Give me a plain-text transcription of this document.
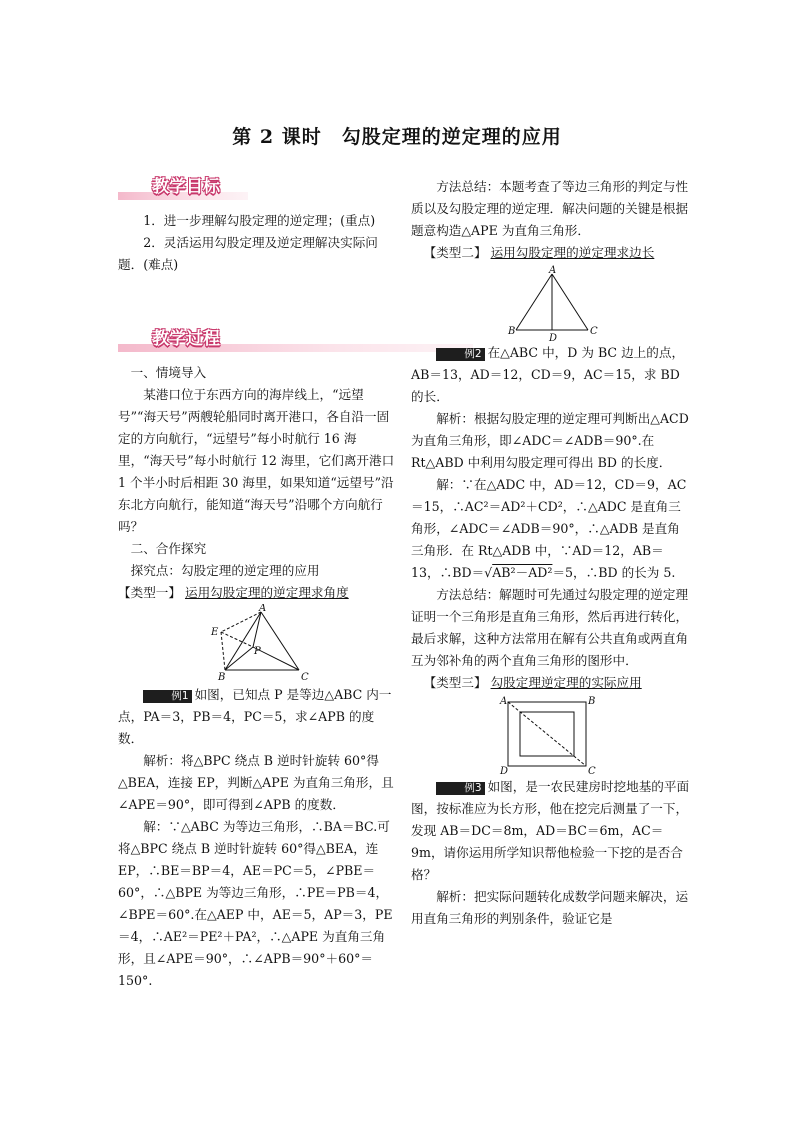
第 2 课时　勾股定理的逆定理的应用
教学目标

1．进一步理解勾股定理的逆定理；(重点)

2．灵活运用勾股定理及逆定理解决实际问题．(难点)

教学过程

一、情境导入

某港口位于东西方向的海岸线上，“远望号”“海天号”两艘轮船同时离开港口，各自沿一固定的方向航行，“远望号”每小时航行 16 海里，“海天号”每小时航行 12 海里，它们离开港口 1 个半小时后相距 30 海里，如果知道“远望号”沿东北方向航行，能知道“海天号”沿哪个方向航行吗？

二、合作探究

探究点：勾股定理的逆定理的应用

【类型一】 运用勾股定理的逆定理求角度

A
B	C
E
P

例1 如图，已知点 P 是等边△ABC 内一点，PA＝3，PB＝4，PC＝5，求∠APB 的度数．

解析：将△BPC 绕点 B 逆时针旋转 60°得△BEA，连接 EP，判断△APE 为直角三角形，且∠APE＝90°，即可得到∠APB 的度数．

解：∵△ABC 为等边三角形，∴BA＝BC.可将△BPC 绕点 B 逆时针旋转 60°得△BEA，连 EP，∴BE＝BP＝4，AE＝PC＝5，∠PBE＝60°，∴△BPE 为等边三角形，∴PE＝PB＝4，∠BPE＝60°.在△AEP 中，AE＝5，AP＝3，PE＝4，∴AE²＝PE²＋PA²，∴△APE 为直角三角形，且∠APE＝90°，∴∠APB＝90°＋60°＝150°.

方法总结：本题考查了等边三角形的判定与性质以及勾股定理的逆定理．解决问题的关键是根据题意构造△APE 为直角三角形．

【类型二】 运用勾股定理的逆定理求边长

A
B	C
D

例2 在△ABC 中，D 为 BC 边上的点，AB＝13，AD＝12，CD＝9，AC＝15，求 BD 的长．

解析：根据勾股定理的逆定理可判断出△ACD 为直角三角形，即∠ADC＝∠ADB＝90°.在 Rt△ABD 中利用勾股定理可得出 BD 的长度．

解：∵在△ADC 中，AD＝12，CD＝9，AC＝15，∴AC²＝AD²＋CD²，∴△ADC 是直角三角形，∠ADC＝∠ADB＝90°，∴△ADB 是直角三角形．在 Rt△ADB 中，∵AD＝12，AB＝13，∴BD＝√AB²－AD²＝5，∴BD 的长为 5.

方法总结：解题时可先通过勾股定理的逆定理证明一个三角形是直角三角形，然后再进行转化，最后求解，这种方法常用在解有公共直角或两直角互为邻补角的两个直角三角形的图形中．

【类型三】 勾股定理逆定理的实际应用

A	B
C
D

例3 如图，是一农民建房时挖地基的平面图，按标准应为长方形，他在挖完后测量了一下，发现 AB＝DC＝8m，AD＝BC＝6m，AC＝9m，请你运用所学知识帮他检验一下挖的是否合格？

解析：把实际问题转化成数学问题来解决，运用直角三角形的判别条件，验证它是
